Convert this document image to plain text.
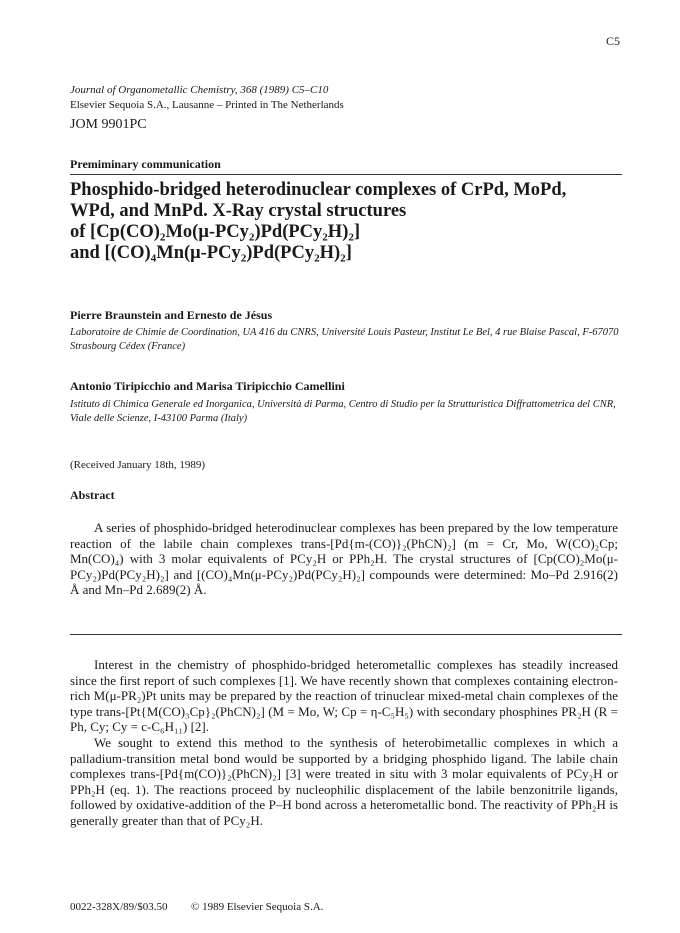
C5
Journal of Organometallic Chemistry, 368 (1989) C5–C10
Elsevier Sequoia S.A., Lausanne – Printed in The Netherlands
JOM 9901PC
Premiminary communication
Phosphido-bridged heterodinuclear complexes of CrPd, MoPd,
WPd, and MnPd. X-Ray crystal structures
of [Cp(CO)₂Mo(μ-PCy₂)Pd(PCy₂H)₂]
and [(CO)₄Mn(μ-PCy₂)Pd(PCy₂H)₂]
Pierre Braunstein and Ernesto de Jésus
Laboratoire de Chimie de Coordination, UA 416 du CNRS, Université Louis Pasteur, Institut Le Bel, 4 rue Blaise Pascal, F-67070 Strasbourg Cédex (France)
Antonio Tiripicchio and Marisa Tiripicchio Camellini
Istituto di Chimica Generale ed Inorganica, Università di Parma, Centro di Studio per la Strutturistica Diffrattometrica del CNR, Viale delle Scienze, I-43100 Parma (Italy)
(Received January 18th, 1989)
Abstract

A series of phosphido-bridged heterodinuclear complexes has been prepared by the low temperature reaction of the labile chain complexes trans-[Pd{m-(CO)}₂(PhCN)₂] (m = Cr, Mo, W(CO)₂Cp; Mn(CO)₄) with 3 molar equivalents of PCy₂H or PPh₂H. The crystal structures of [Cp(CO)₂Mo(μ-PCy₂)Pd(PCy₂H)₂] and [(CO)₄Mn(μ-PCy₂)Pd(PCy₂H)₂] compounds were determined: Mo–Pd 2.916(2) Å and Mn–Pd 2.689(2) Å.

Interest in the chemistry of phosphido-bridged heterometallic complexes has steadily increased since the first report of such complexes [1]. We have recently shown that complexes containing electron-rich M(μ-PR₂)Pt units may be prepared by the reaction of trinuclear mixed-metal chain complexes of the type trans-[Pt{M(CO)₃Cp}₂(PhCN)₂] (M = Mo, W; Cp = η-C₅H₅) with secondary phosphines PR₂H (R = Ph, Cy; Cy = c-C₆H₁₁) [2].

We sought to extend this method to the synthesis of heterobimetallic complexes in which a palladium-transition metal bond would be supported by a bridging phosphido ligand. The labile chain complexes trans-[Pd{m(CO)}₂(PhCN)₂] [3] were treated in situ with 3 molar equivalents of PCy₂H or PPh₂H (eq. 1). The reactions proceed by nucleophilic displacement of the labile benzonitrile ligands, followed by oxidative-addition of the P–H bond across a heterometallic bond. The reactivity of PPh₂H is generally greater than that of PCy₂H.

0022-328X/89/$03.50 © 1989 Elsevier Sequoia S.A.
